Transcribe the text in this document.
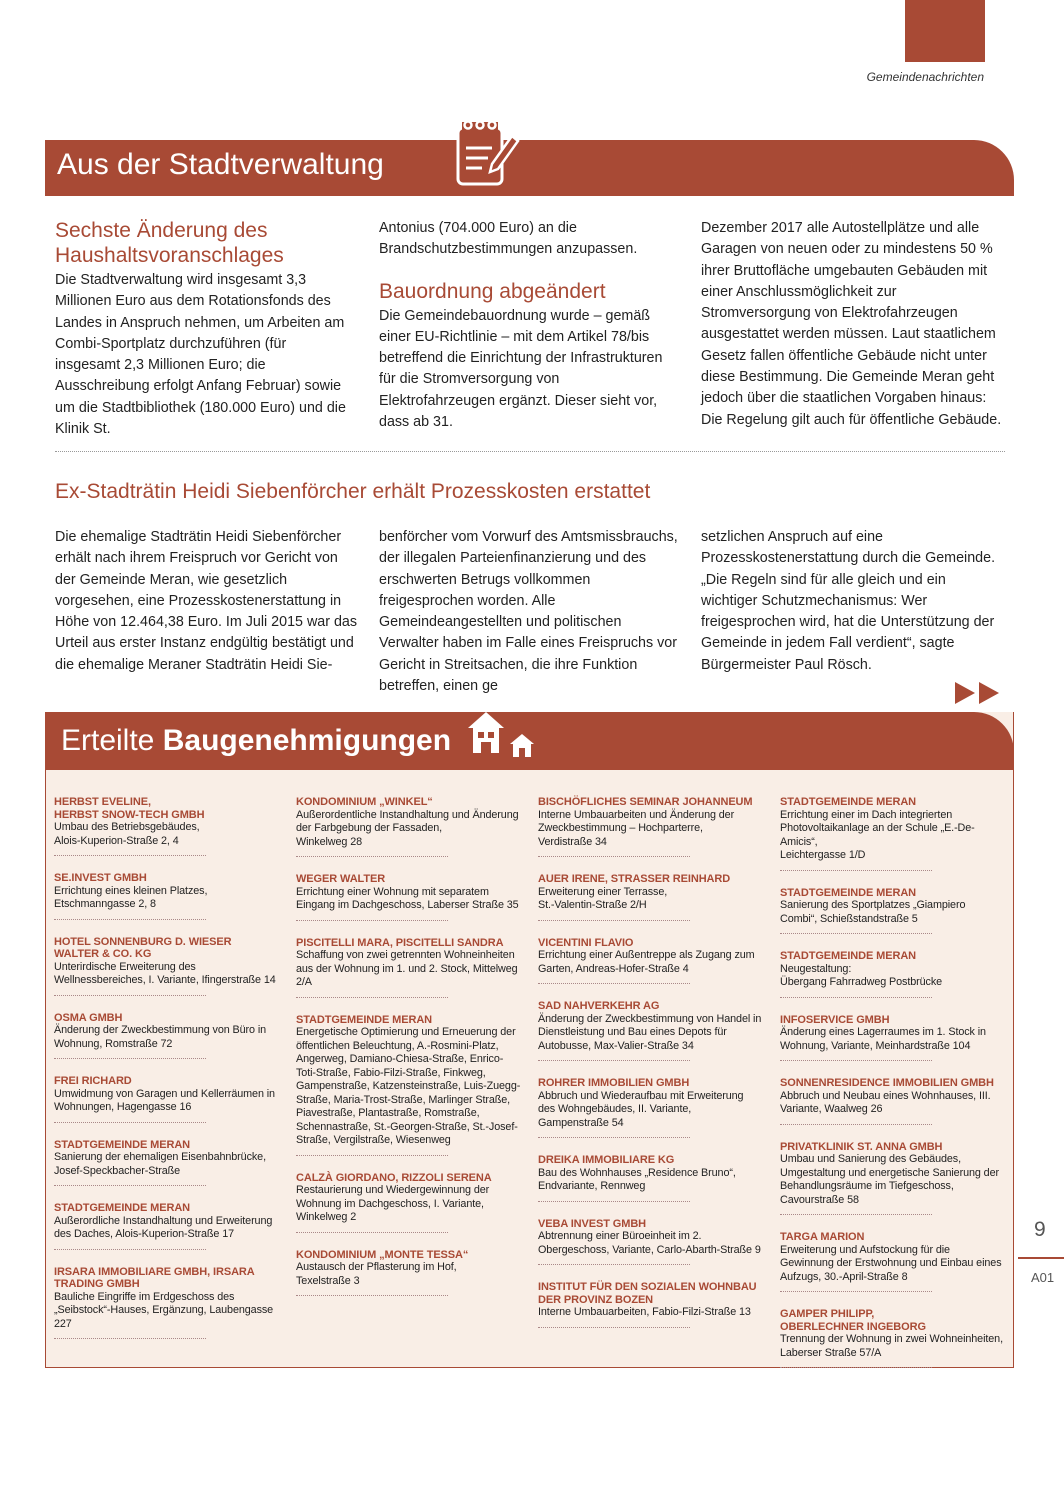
Gemeindenachrichten
Aus der Stadtverwaltung
Sechste Änderung des Haushaltsvoranschlages

Die Stadtverwaltung wird insgesamt 3,3 Millionen Euro aus dem Rotationsfonds des Landes in Anspruch nehmen, um Arbeiten am Combi-Sportplatz durchzuführen (für insgesamt 2,3 Millionen Euro; die Ausschreibung erfolgt Anfang Februar) sowie um die Stadtbibliothek (180.000 Euro) und die Klinik St.

Antonius (704.000 Euro) an die Brandschutzbestimmungen anzupassen.

Bauordnung abgeändert

Die Gemeindebauordnung wurde – gemäß einer EU-Richtlinie – mit dem Artikel 78/bis betreffend die Einrichtung der Infrastrukturen für die Stromversorgung von Elektrofahrzeugen ergänzt. Dieser sieht vor, dass ab 31.

Dezember 2017 alle Autostellplätze und alle Garagen von neuen oder zu mindestens 50 % ihrer Bruttofläche umgebauten Gebäuden mit einer Anschlussmöglichkeit zur Stromversorgung von Elektrofahrzeugen ausgestattet werden müssen. Laut staatlichem Gesetz fallen öffentliche Gebäude nicht unter diese Bestimmung. Die Gemeinde Meran geht jedoch über die staatlichen Vorgaben hinaus: Die Regelung gilt auch für öffentliche Gebäude.

Ex-Stadträtin Heidi Siebenförcher erhält Prozesskosten erstattet

Die ehemalige Stadträtin Heidi Siebenförcher erhält nach ihrem Freispruch vor Gericht von der Gemeinde Meran, wie gesetzlich vorgesehen, eine Prozesskostenerstattung in Höhe von 12.464,38 Euro. Im Juli 2015 war das Urteil aus erster Instanz endgültig bestätigt und die ehemalige Meraner Stadträtin Heidi Sie-

benförcher vom Vorwurf des Amtsmissbrauchs, der illegalen Parteienfinanzierung und des erschwerten Betrugs vollkommen freigesprochen worden. Alle Gemeindeangestellten und politischen Verwalter haben im Falle eines Freispruchs vor Gericht in Streitsachen, die ihre Funktion betreffen, einen ge

setzlichen Anspruch auf eine Prozesskostenerstattung durch die Gemeinde. „Die Regeln sind für alle gleich und ein wichtiger Schutzmechanismus: Wer freigesprochen wird, hat die Unterstützung der Gemeinde in jedem Fall verdient“, sagte Bürgermeister Paul Rösch.

Erteilte Baugenehmigungen
HERBST EVELINE,
HERBST SNOW-TECH GMBH
Umbau des Betriebsgebäudes,
Alois-Kuperion-Straße 2, 4
SE.INVEST GMBH
Errichtung eines kleinen Platzes,
Etschmanngasse 2, 8
HOTEL SONNENBURG D. WIESER
WALTER & CO. KG
Unterirdische Erweiterung des Wellnessbereiches, I. Variante, Ifingerstraße 14
OSMA GMBH
Änderung der Zweckbestimmung von Büro in Wohnung, Romstraße 72
FREI RICHARD
Umwidmung von Garagen und Kellerräumen in Wohnungen, Hagengasse 16
STADTGEMEINDE MERAN
Sanierung der ehemaligen Eisenbahnbrücke,
Josef-Speckbacher-Straße
STADTGEMEINDE MERAN
Außerordliche Instandhaltung und Erweiterung des Daches, Alois-Kuperion-Straße 17
IRSARA IMMOBILIARE GMBH, IRSARA
TRADING GMBH
Bauliche Eingriffe im Erdgeschoss des „Seibstock“-Hauses, Ergänzung, Laubengasse 227
KONDOMINIUM „WINKEL“
Außerordentliche Instandhaltung und Änderung der Farbgebung der Fassaden,
Winkelweg 28
WEGER WALTER
Errichtung einer Wohnung mit separatem Eingang im Dachgeschoss, Laberser Straße 35
PISCITELLI MARA, PISCITELLI SANDRA
Schaffung von zwei getrennten Wohneinheiten aus der Wohnung im 1. und 2. Stock, Mittelweg 2/A
STADTGEMEINDE MERAN
Energetische Optimierung und Erneuerung der öffentlichen Beleuchtung, A.-Rosmini-Platz, Angerweg, Damiano-Chiesa-Straße, Enrico-Toti-Straße, Fabio-Filzi-Straße, Finkweg, Gampenstraße, Katzensteinstraße, Luis-Zuegg-Straße, Maria-Trost-Straße, Marlinger Straße, Piavestraße, Plantastraße, Romstraße, Schennastraße, St.-Georgen-Straße, St.-Josef-Straße, Vergilstraße, Wiesenweg
CALZÀ GIORDANO, RIZZOLI SERENA
Restaurierung und Wiedergewinnung der Wohnung im Dachgeschoss, I. Variante,
Winkelweg 2
KONDOMINIUM „MONTE TESSA“
Austausch der Pflasterung im Hof,
Texelstraße 3
BISCHÖFLICHES SEMINAR JOHANNEUM
Interne Umbauarbeiten und Änderung der Zweckbestimmung – Hochparterre,
Verdistraße 34
AUER IRENE, STRASSER REINHARD
Erweiterung einer Terrasse,
St.-Valentin-Straße 2/H
VICENTINI FLAVIO
Errichtung einer Außentreppe als Zugang zum Garten, Andreas-Hofer-Straße 4
SAD NAHVERKEHR AG
Änderung der Zweckbestimmung von Handel in Dienstleistung und Bau eines Depots für Autobusse, Max-Valier-Straße 34
ROHRER IMMOBILIEN GMBH
Abbruch und Wiederaufbau mit Erweiterung des Wohngebäudes, II. Variante,
Gampenstraße 54
DREIKA IMMOBILIARE KG
Bau des Wohnhauses „Residence Bruno“,
Endvariante, Rennweg
VEBA INVEST GMBH
Abtrennung einer Büroeinheit im 2. Obergeschoss, Variante, Carlo-Abarth-Straße 9
INSTITUT FÜR DEN SOZIALEN WOHNBAU
DER PROVINZ BOZEN
Interne Umbauarbeiten, Fabio-Filzi-Straße 13
STADTGEMEINDE MERAN
Errichtung einer im Dach integrierten Photovoltaikanlage an der Schule „E.-De-Amicis“,
Leichtergasse 1/D
STADTGEMEINDE MERAN
Sanierung des Sportplatzes „Giampiero Combi“, Schießstandstraße 5
STADTGEMEINDE MERAN
Neugestaltung:
Übergang Fahrradweg Postbrücke
INFOSERVICE GMBH
Änderung eines Lagerraumes im 1. Stock in Wohnung, Variante, Meinhardstraße 104
SONNENRESIDENCE IMMOBILIEN GMBH
Abbruch und Neubau eines Wohnhauses, III. Variante, Waalweg 26
PRIVATKLINIK ST. ANNA GMBH
Umbau und Sanierung des Gebäudes, Umgestaltung und energetische Sanierung der Behandlungsräume im Tiefgeschoss,
Cavourstraße 58
TARGA MARION
Erweiterung und Aufstockung für die Gewinnung der Erstwohnung und Einbau eines Aufzugs, 30.-April-Straße 8
GAMPER PHILIPP,
OBERLECHNER INGEBORG
Trennung der Wohnung in zwei Wohneinheiten, Laberser Straße 57/A
9
A01
